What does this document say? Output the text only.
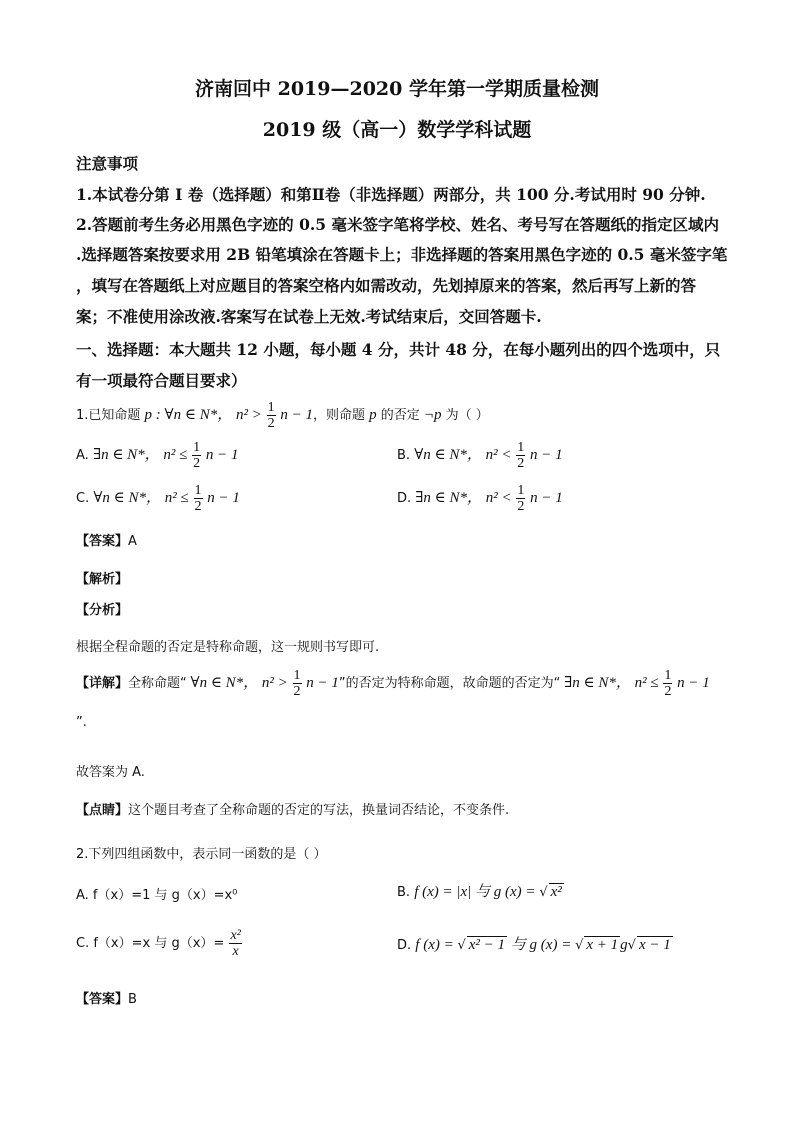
济南回中 2019—2020 学年第一学期质量检测
2019 级（高一）数学学科试题
注意事项
1.本试卷分第 I 卷（选择题）和第Ⅱ卷（非选择题）两部分，共 100 分.考试用时 90 分钟.
2.答题前考生务必用黑色字迹的 0.5 毫米签字笔将学校、姓名、考号写在答题纸的指定区域内
.选择题答案按要求用 2B 铅笔填涂在答题卡上；非选择题的答案用黑色字迹的 0.5 毫米签字笔
，填写在答题纸上对应题目的答案空格内如需改动，先划掉原来的答案，然后再写上新的答
案；不准使用涂改液.客案写在试卷上无效.考试结束后，交回答题卡.
一、选择题：本大题共 12 小题，每小题 4 分，共计 48 分，在每小题列出的四个选项中，只
有一项最符合题目要求）
1.已知命题 p : ∀n ∈ N*， $n^2 > \frac{1}{2}$ n − 1，则命题 p 的否定 ¬p 为（ ）
A. ∃n ∈ N*， $n^2 \le \frac{1}{2}$ n − 1	B. ∀n ∈ N*， $n^2 < \frac{1}{2}$ n − 1
C. ∀n ∈ N*， $n^2 \le \frac{1}{2}$ n − 1	D. ∃n ∈ N*， $n^2 < \frac{1}{2}$ n − 1
【答案】A
【解析】
【分析】
根据全程命题的否定是特称命题，这一规则书写即可.
【详解】全称命题“ ∀n ∈ N*， $n^2 > \frac{1}{2}$ n − 1”的否定为特称命题，故命题的否定为“ ∃n ∈ N*， $n^2 \le \frac{1}{2}$ n − 1
”.
故答案为 A.
【点睛】这个题目考查了全称命题的否定的写法，换量词否结论，不变条件.
2.下列四组函数中，表示同一函数的是（ ）
A. f（x）=1 与 g（x）=x⁰	B. f (x) = |x| 与 g (x) = √ x²
C. f（x）=x 与 $g(x)= \frac{\text{x²}}{x}$	D. f (x) = √ x² − 1 与 g (x) = √ x + 1 g√ x − 1
【答案】B
